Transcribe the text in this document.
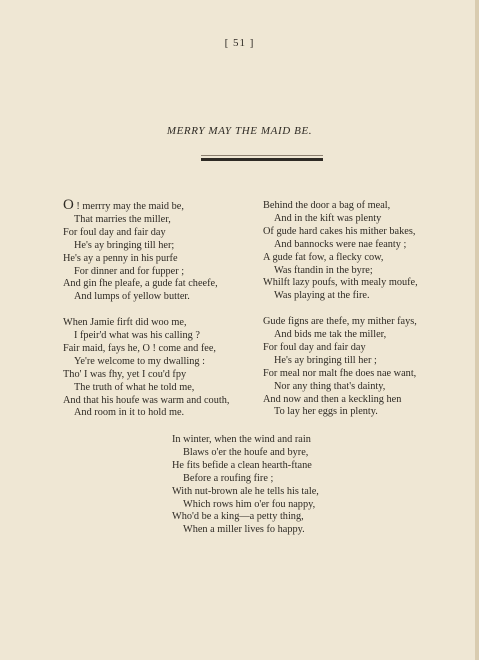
[ 51 ]
MERRY MAY THE MAID BE.
O ! merrry may the maid be,
That marries the miller,
For foul day and fair day
He's ay bringing till her;
He's ay a penny in his purfe
For dinner and for fupper ;
And gin fhe pleafe, a gude fat cheefe,
And lumps of yellow butter.
When Jamie firft did woo me,
I fpeir'd what was his calling ?
Fair maid, fays he, O ! come and fee,
Ye're welcome to my dwalling :
Tho' I was fhy, yet I cou'd fpy
The truth of what he told me,
And that his houfe was warm and couth,
And room in it to hold me.
Behind the door a bag of meal,
And in the kift was plenty
Of gude hard cakes his mither bakes,
And bannocks were nae feanty ;
A gude fat fow, a flecky cow,
Was ftandin in the byre;
Whilft lazy poufs, with mealy moufe,
Was playing at the fire.
Gude figns are thefe, my mither fays,
And bids me tak the miller,
For foul day and fair day
He's ay bringing till her ;
For meal nor malt fhe does nae want,
Nor any thing that's dainty,
And now and then a keckling hen
To lay her eggs in plenty.
In winter, when the wind and rain
Blaws o'er the houfe and byre,
He fits befide a clean hearth-ftane
Before a roufing fire ;
With nut-brown ale he tells his tale,
Which rows him o'er fou nappy,
Who'd be a king—a petty thing,
When a miller lives fo happy.
